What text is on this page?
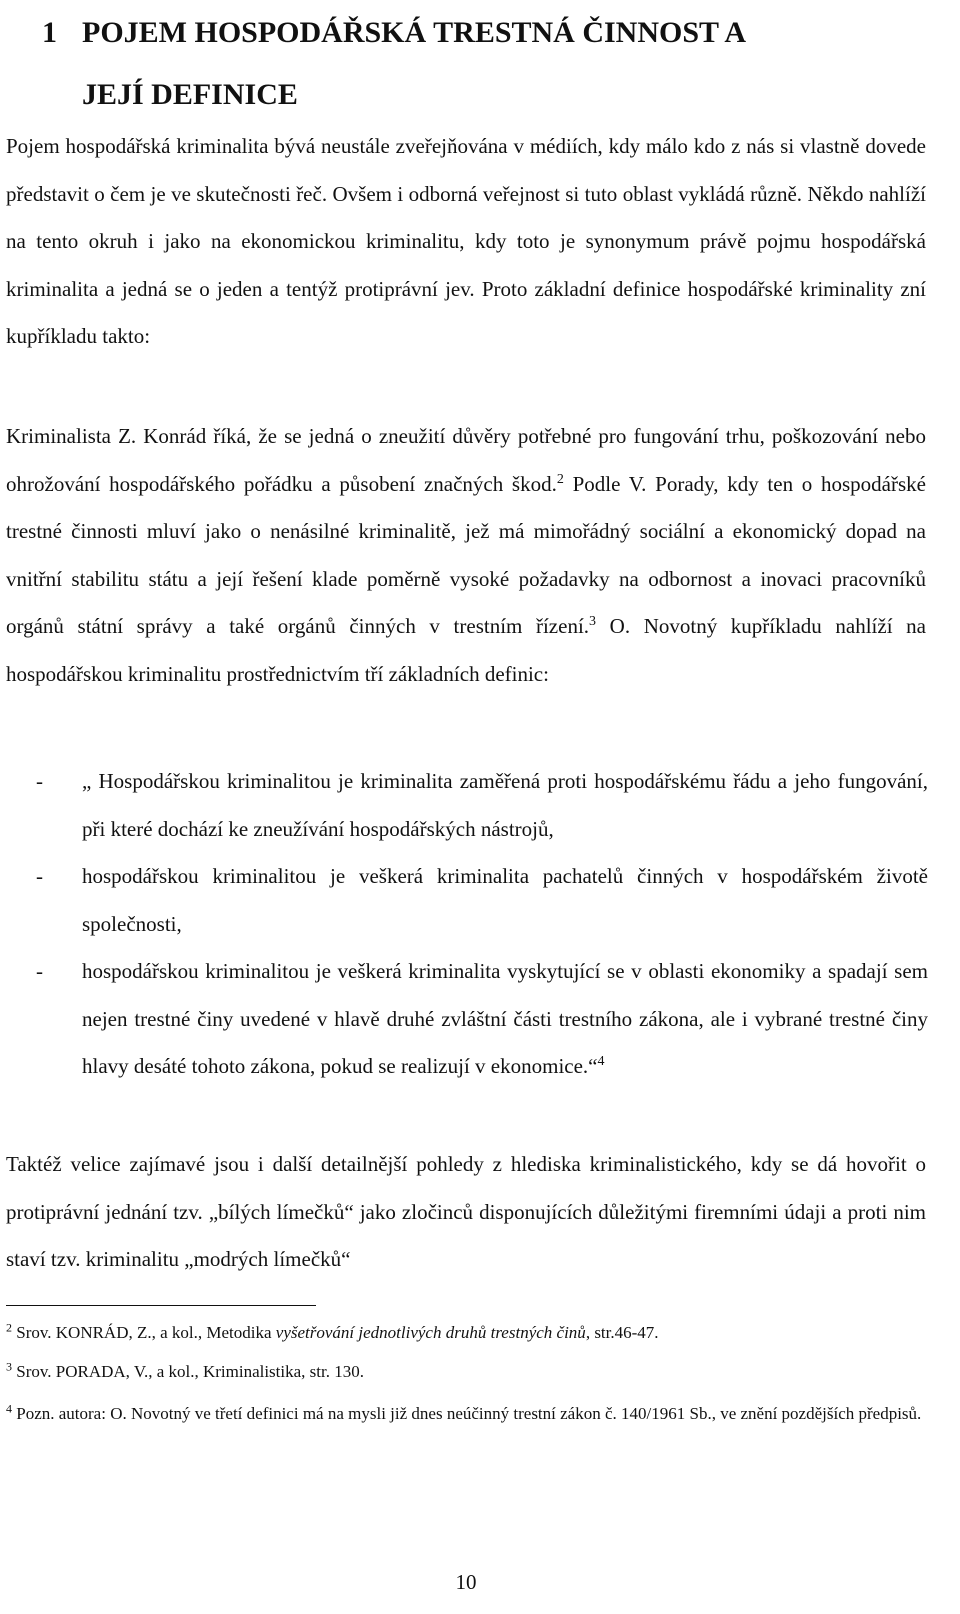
1 POJEM HOSPODÁŘSKÁ TRESTNÁ ČINNOST A
JEJÍ DEFINICE

Pojem hospodářská kriminalita bývá neustále zveřejňována v médiích, kdy málo kdo z nás si vlastně dovede představit o čem je ve skutečnosti řeč. Ovšem i odborná veřejnost si tuto oblast vykládá různě. Někdo nahlíží na tento okruh i jako na ekonomickou kriminalitu, kdy toto je synonymum právě pojmu hospodářská kriminalita a jedná se o jeden a tentýž protiprávní jev. Proto základní definice hospodářské kriminality zní kupříkladu takto:

Kriminalista Z. Konrád říká, že se jedná o zneužití důvěry potřebné pro fungování trhu, poškozování nebo ohrožování hospodářského pořádku a působení značných škod.$^2$ Podle V. Porady, kdy ten o hospodářské trestné činnosti mluví jako o nenásilné kriminalitě, jež má mimořádný sociální a ekonomický dopad na vnitřní stabilitu státu a její řešení klade poměrně vysoké požadavky na odbornost a inovaci pracovníků orgánů státní správy a také orgánů činných v trestním řízení.$^3$ O. Novotný kupříkladu nahlíží na hospodářskou kriminalitu prostřednictvím tří základních definic:

- „ Hospodářskou kriminalitou je kriminalita zaměřená proti hospodářskému řádu a jeho fungování, při které dochází ke zneužívání hospodářských nástrojů,
- hospodářskou kriminalitou je veškerá kriminalita pachatelů činných v hospodářském životě společnosti,
- hospodářskou kriminalitou je veškerá kriminalita vyskytující se v oblasti ekonomiky a spadají sem nejen trestné činy uvedené v hlavě druhé zvláštní části trestního zákona, ale i vybrané trestné činy hlavy desáté tohoto zákona, pokud se realizují v ekonomice.“$^4$

Taktéž velice zajímavé jsou i další detailnější pohledy z hlediska kriminalistického, kdy se dá hovořit o protiprávní jednání tzv. „bílých límečků“ jako zločinců disponujících důležitými firemními údaji a proti nim staví tzv. kriminalitu „modrých límečků“

$^2$ Srov. KONRÁD, Z., a kol., Metodika vyšetřování jednotlivých druhů trestných činů, str.46-47.

$^3$ Srov. PORADA, V., a kol., Kriminalistika, str. 130.

$^4$ Pozn. autora: O. Novotný ve třetí definici má na mysli již dnes neúčinný trestní zákon č. 140/1961 Sb., ve znění pozdějších předpisů.

10
